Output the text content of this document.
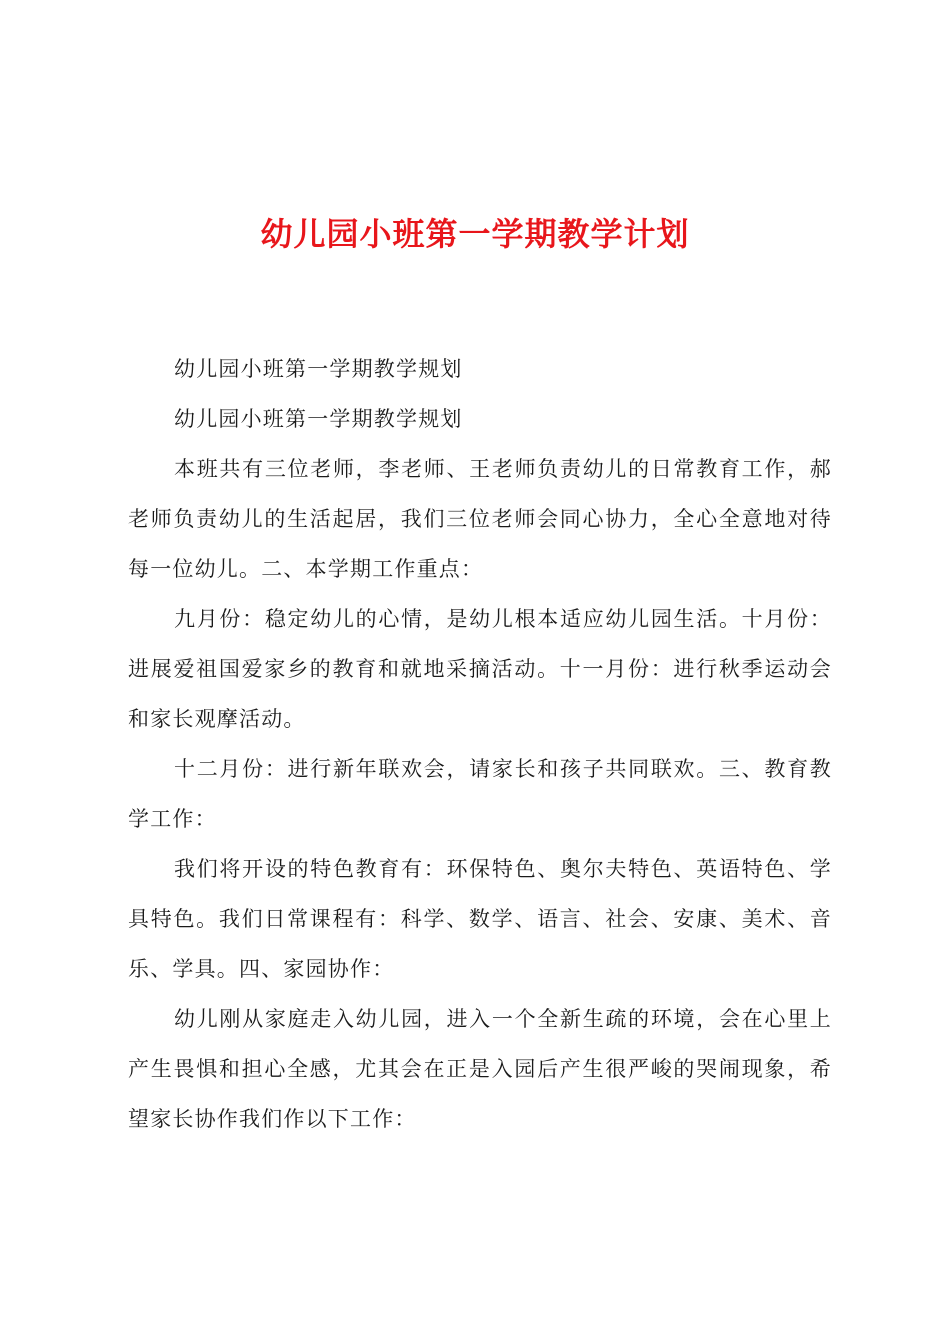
幼儿园小班第一学期教学计划

幼儿园小班第一学期教学规划

幼儿园小班第一学期教学规划

本班共有三位老师，李老师、王老师负责幼儿的日常教育工作，郝老师负责幼儿的生活起居，我们三位老师会同心协力，全心全意地对待每一位幼儿。二、本学期工作重点：

九月份：稳定幼儿的心情，是幼儿根本适应幼儿园生活。十月份：进展爱祖国爱家乡的教育和就地采摘活动。十一月份：进行秋季运动会和家长观摩活动。

十二月份：进行新年联欢会，请家长和孩子共同联欢。三、教育教学工作：

我们将开设的特色教育有：环保特色、奥尔夫特色、英语特色、学具特色。我们日常课程有：科学、数学、语言、社会、安康、美术、音乐、学具。四、家园协作：

幼儿刚从家庭走入幼儿园，进入一个全新生疏的环境，会在心里上产生畏惧和担心全感，尤其会在正是入园后产生很严峻的哭闹现象，希望家长协作我们作以下工作：
